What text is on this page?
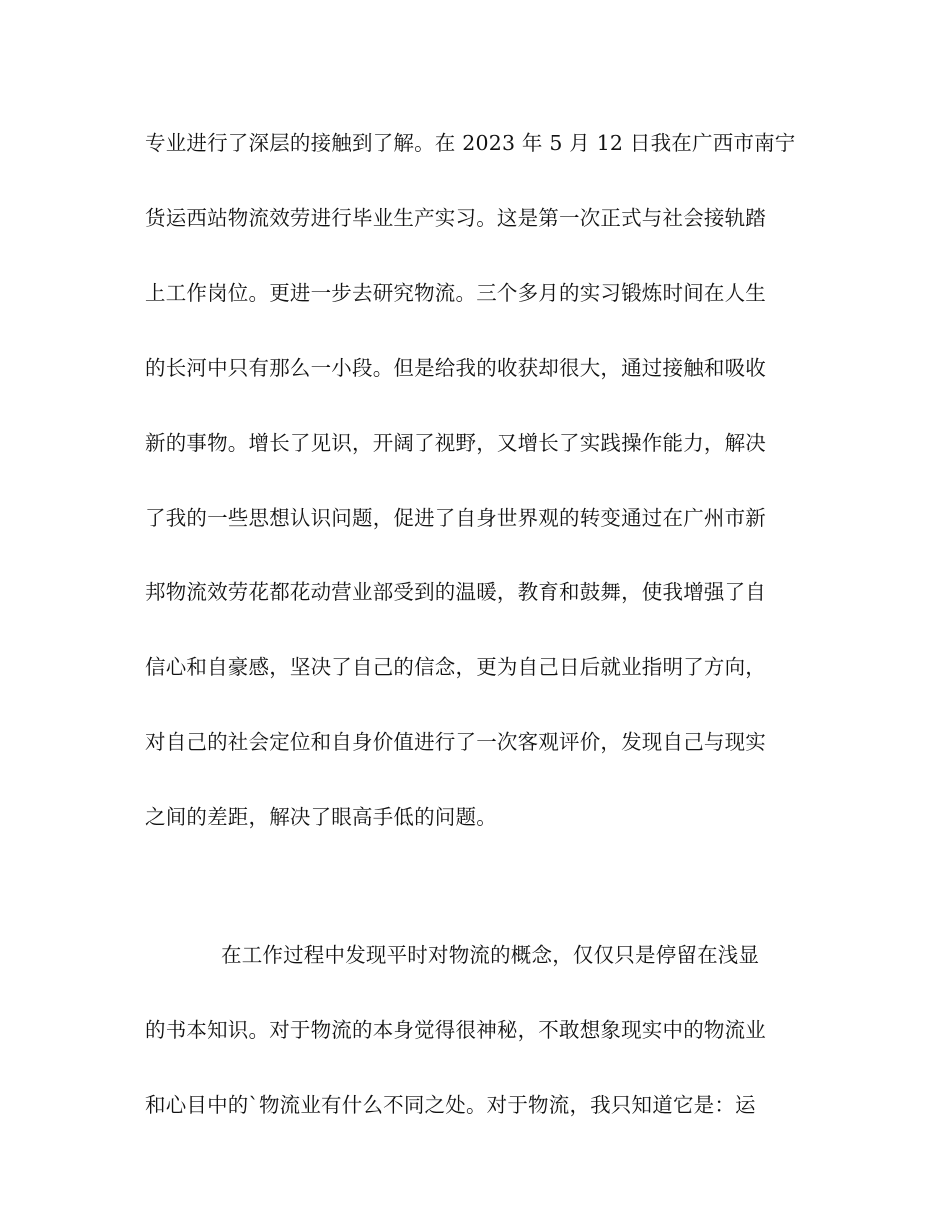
专业进行了深层的接触到了解。在 2023 年 5 月 12 日我在广西市南宁
货运西站物流效劳进行毕业生产实习。这是第一次正式与社会接轨踏
上工作岗位。更进一步去研究物流。三个多月的实习锻炼时间在人生
的长河中只有那么一小段。但是给我的收获却很大，通过接触和吸收
新的事物。增长了见识，开阔了视野，又增长了实践操作能力，解决
了我的一些思想认识问题，促进了自身世界观的转变通过在广州市新
邦物流效劳花都花动营业部受到的温暖，教育和鼓舞，使我增强了自
信心和自豪感，坚决了自己的信念，更为自己日后就业指明了方向，
对自己的社会定位和自身价值进行了一次客观评价，发现自己与现实
之间的差距，解决了眼高手低的问题。
在工作过程中发现平时对物流的概念，仅仅只是停留在浅显
的书本知识。对于物流的本身觉得很神秘，不敢想象现实中的物流业
和心目中的`物流业有什么不同之处。对于物流，我只知道它是：运
